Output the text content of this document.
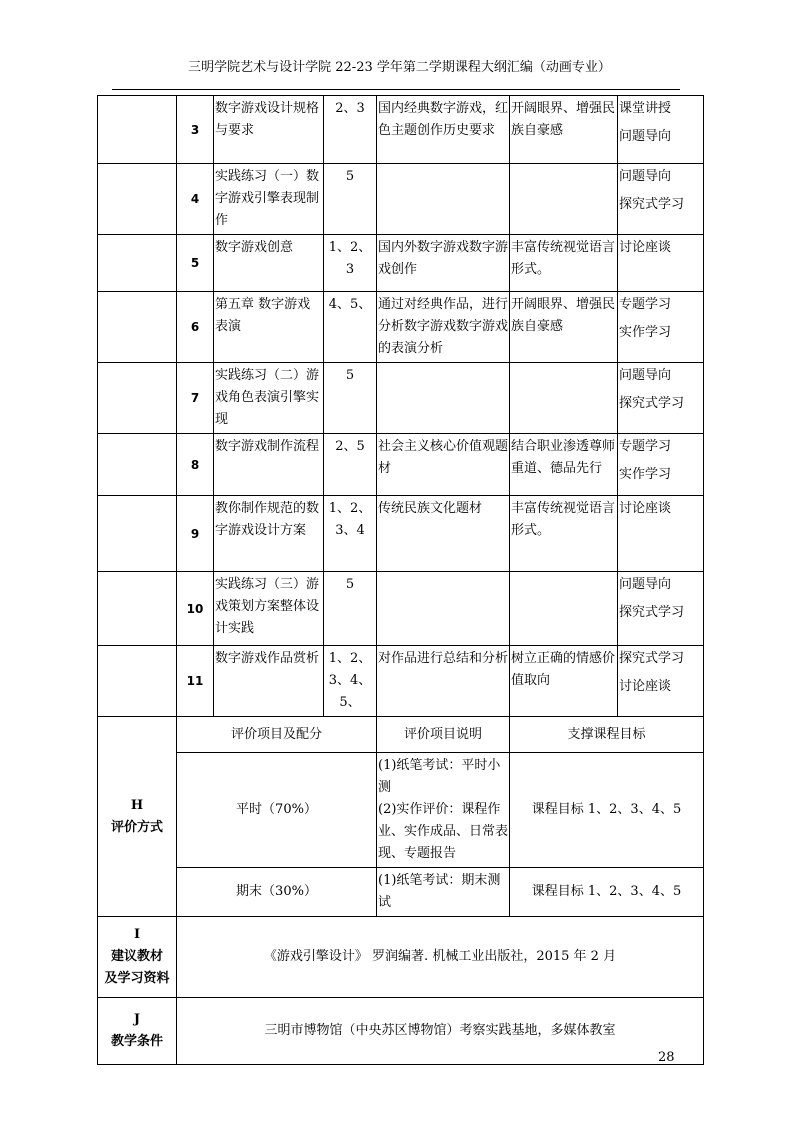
三明学院艺术与设计学院 22-23 学年第二学期课程大纲汇编（动画专业）
	3	数字游戏设计规格与要求	2、3	国内经典数字游戏，红色主题创作历史要求	开阔眼界、增强民族自豪感	课堂讲授
问题导向

	4	实践练习（一）数字游戏引擎表现制作	5			问题导向
探究式学习

	5	数字游戏创意	1、2、3	国内外数字游戏数字游戏创作	丰富传统视觉语言形式。	讨论座谈

	6	第五章 数字游戏表演	4、5、	通过对经典作品，进行分析数字游戏数字游戏的表演分析	开阔眼界、增强民族自豪感	专题学习
实作学习

	7	实践练习（二）游戏角色表演引擎实现	5			问题导向
探究式学习

	8	数字游戏制作流程	2、5	社会主义核心价值观题材	结合职业渗透尊师重道、德品先行	专题学习
实作学习

	9	教你制作规范的数字游戏设计方案	1、2、3、4	传统民族文化题材	丰富传统视觉语言形式。	讨论座谈

	10	实践练习（三）游戏策划方案整体设计实践	5			问题导向
探究式学习

	11	数字游戏作品赏析	1、2、3、4、5、	对作品进行总结和分析	树立正确的情感价值取向	探究式学习
讨论座谈

H
评价方式	评价项目及配分			评价项目说明	支撑课程目标	
	平时（70%）			(1)纸笔考试：平时小测
(2)实作评价：课程作业、实作成品、日常表现、专题报告	课程目标 1、2、3、4、5	
	期末（30%）			(1)纸笔考试：期末测试	课程目标 1、2、3、4、5	

I
建议教材
及学习资料	《游戏引擎设计》 罗润编著. 机械工业出版社，2015 年 2 月					

J
教学条件	三明市博物馆（中央苏区博物馆）考察实践基地，多媒体教室					
28
